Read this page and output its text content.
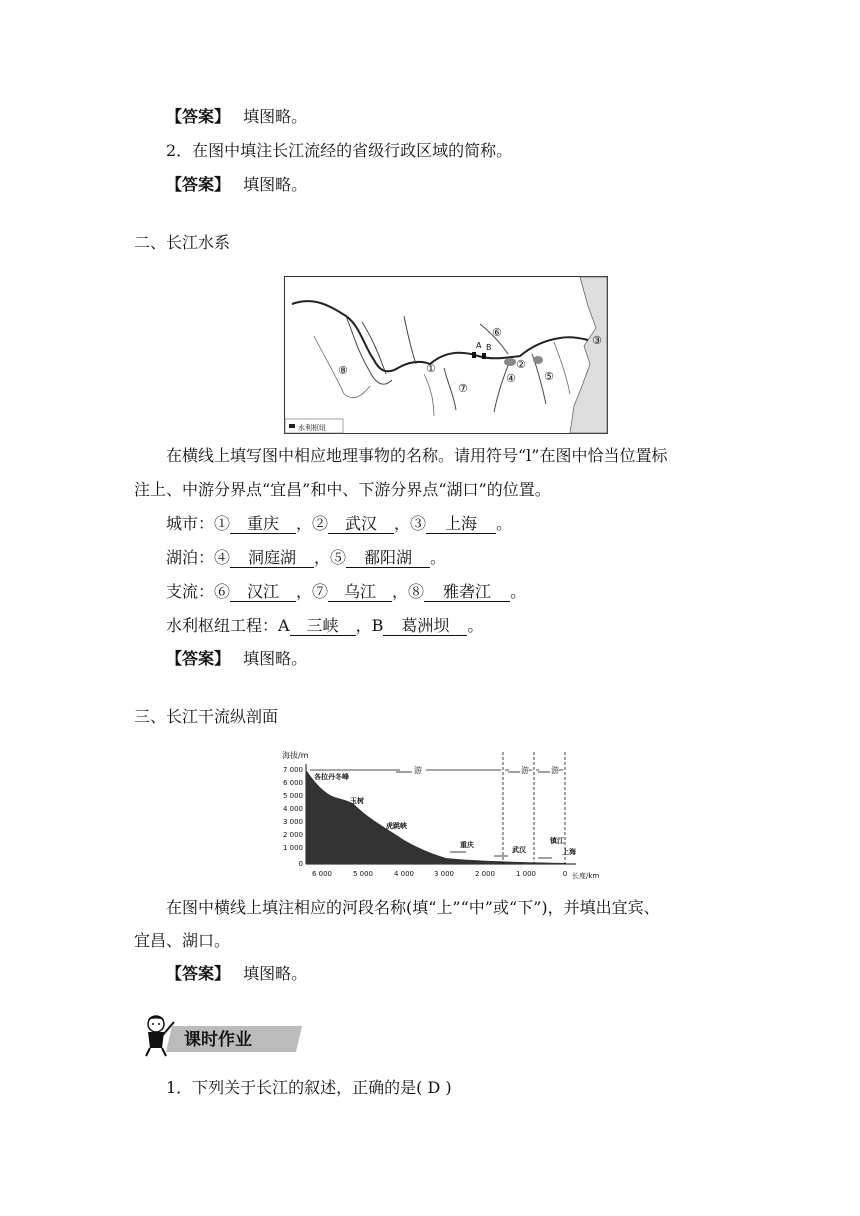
【答案】 填图略。
2．在图中填注长江流经的省级行政区域的简称。
【答案】 填图略。
二、长江水系
①	②
③
④	⑤
⑥
⑦
⑧
A B
水利枢纽
在横线上填写图中相应地理事物的名称。请用符号“l”在图中恰当位置标
注上、中游分界点“宜昌”和中、下游分界点“湖口”的位置。
城市：① 重庆 ，② 武汉 ，③ 上海 。
湖泊：④ 洞庭湖 ，⑤ 鄱阳湖 。
支流：⑥ 汉江 ，⑦ 乌江 ，⑧ 雅砻江 。
水利枢纽工程：A 三峡 ，B 葛洲坝 。
【答案】 填图略。
三、长江干流纵剖面
海拔/m
7 000
6 000
5 000
4 000
3 000
2 000
1 000
0
游	游	游
各拉丹冬峰
玉树
虎跳峡
重庆
武汉
镇江
上海
6 000	5 000	4 000	3 000	2 000	1 000	0 长度/km
在图中横线上填注相应的河段名称(填“上”“中”或“下”)，并填出宜宾、
宜昌、湖口。
【答案】 填图略。
课时作业
1．下列关于长江的叙述，正确的是( D )
